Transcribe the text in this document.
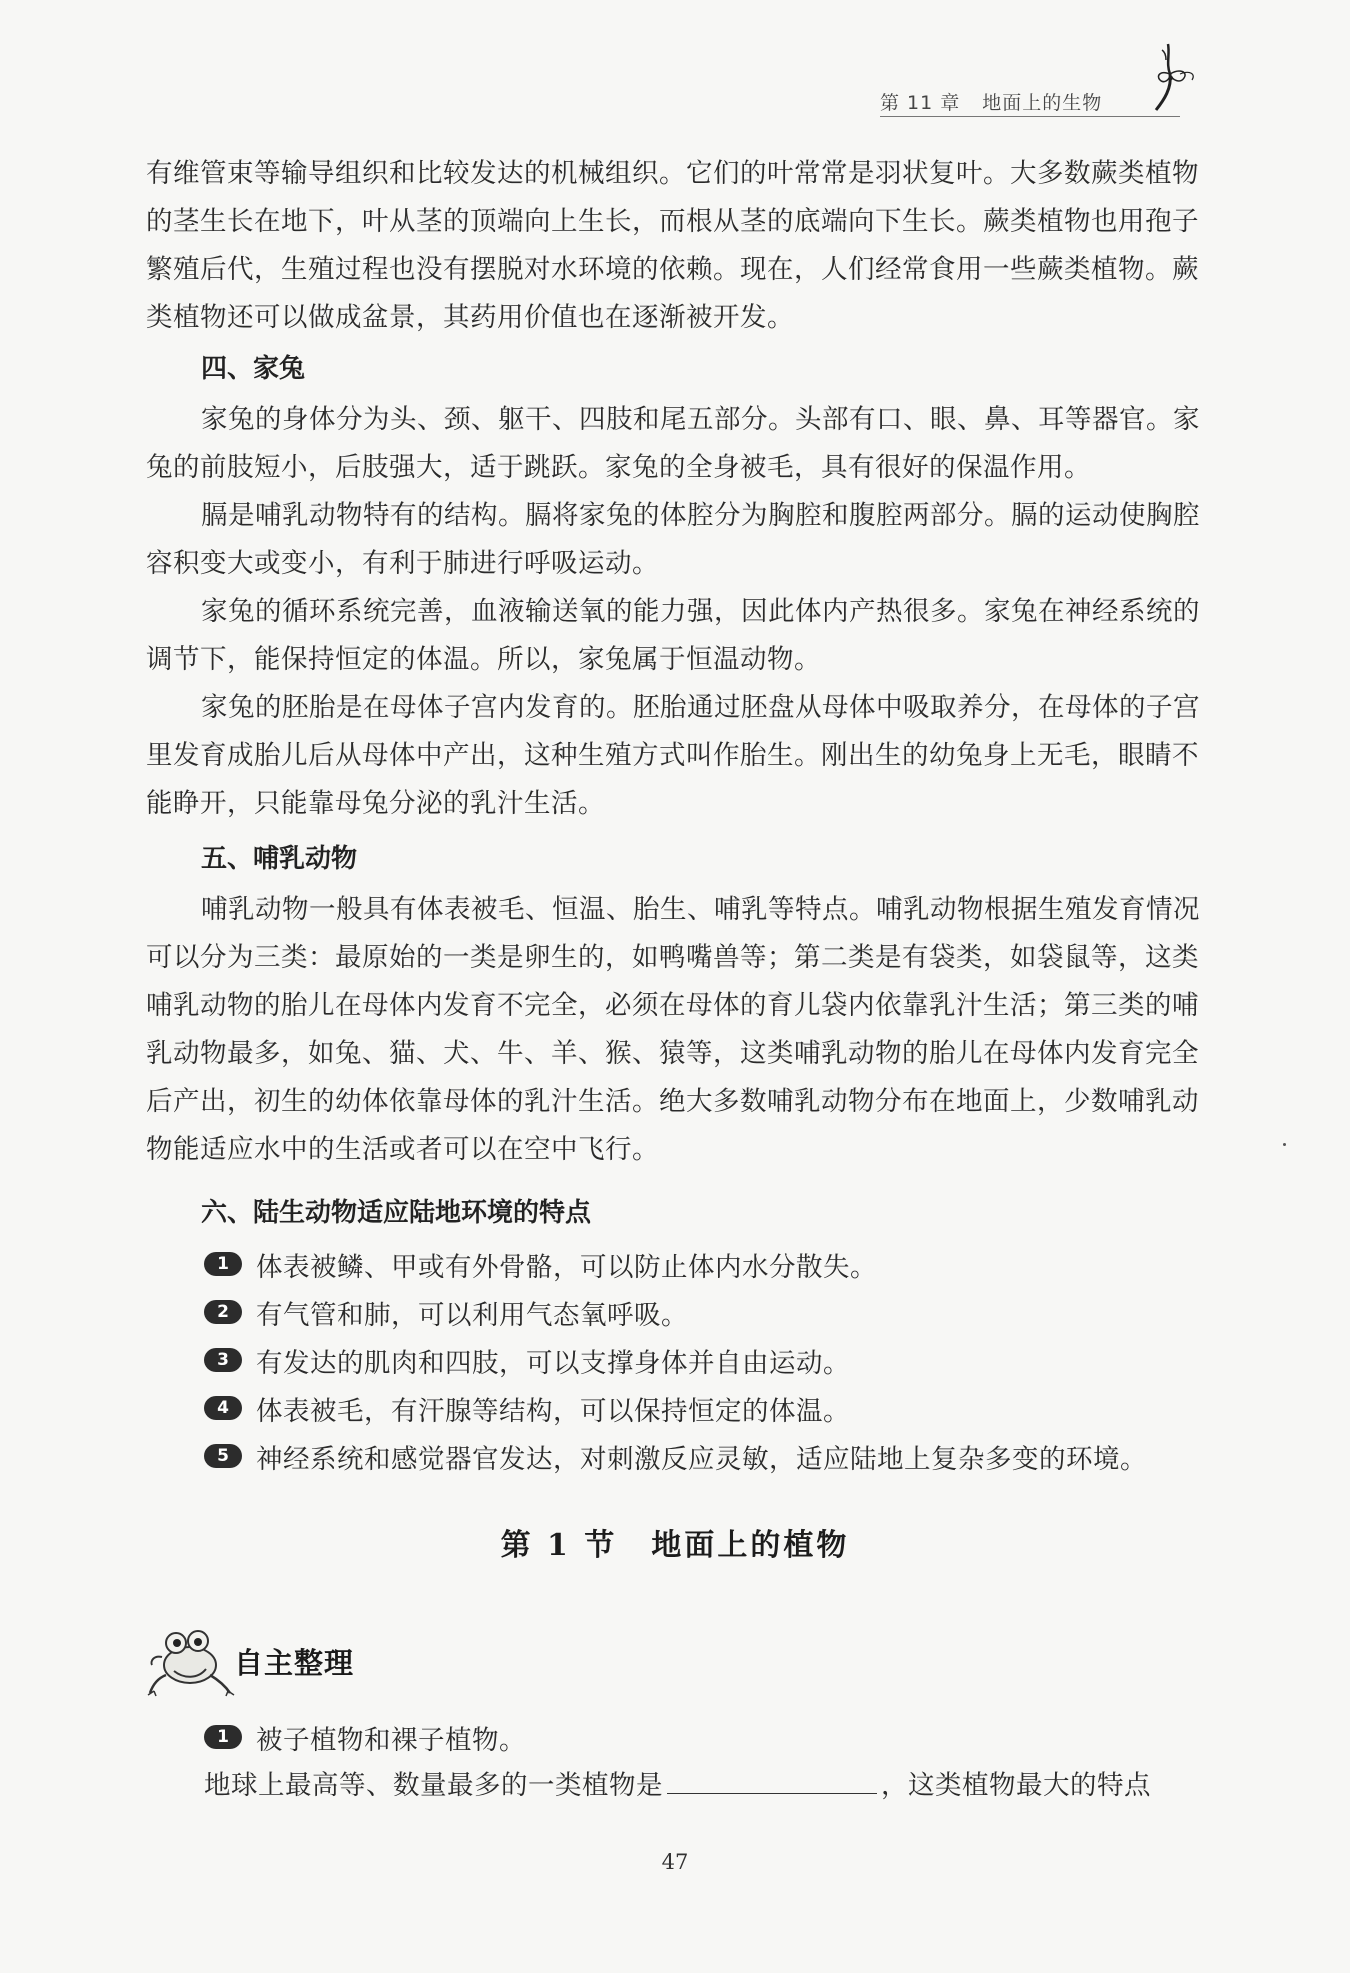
第 11 章 地面上的生物

有维管束等输导组织和比较发达的机械组织。它们的叶常常是羽状复叶。大多数蕨类植物的茎生长在地下，叶从茎的顶端向上生长，而根从茎的底端向下生长。蕨类植物也用孢子繁殖后代，生殖过程也没有摆脱对水环境的依赖。现在，人们经常食用一些蕨类植物。蕨类植物还可以做成盆景，其药用价值也在逐渐被开发。

四、家兔

家兔的身体分为头、颈、躯干、四肢和尾五部分。头部有口、眼、鼻、耳等器官。家兔的前肢短小，后肢强大，适于跳跃。家兔的全身被毛，具有很好的保温作用。

膈是哺乳动物特有的结构。膈将家兔的体腔分为胸腔和腹腔两部分。膈的运动使胸腔容积变大或变小，有利于肺进行呼吸运动。

家兔的循环系统完善，血液输送氧的能力强，因此体内产热很多。家兔在神经系统的调节下，能保持恒定的体温。所以，家兔属于恒温动物。

家兔的胚胎是在母体子宫内发育的。胚胎通过胚盘从母体中吸取养分，在母体的子宫里发育成胎儿后从母体中产出，这种生殖方式叫作胎生。刚出生的幼兔身上无毛，眼睛不能睁开，只能靠母兔分泌的乳汁生活。

五、哺乳动物

哺乳动物一般具有体表被毛、恒温、胎生、哺乳等特点。哺乳动物根据生殖发育情况可以分为三类：最原始的一类是卵生的，如鸭嘴兽等；第二类是有袋类，如袋鼠等，这类哺乳动物的胎儿在母体内发育不完全，必须在母体的育儿袋内依靠乳汁生活；第三类的哺乳动物最多，如兔、猫、犬、牛、羊、猴、猿等，这类哺乳动物的胎儿在母体内发育完全后产出，初生的幼体依靠母体的乳汁生活。绝大多数哺乳动物分布在地面上，少数哺乳动物能适应水中的生活或者可以在空中飞行。

六、陆生动物适应陆地环境的特点
1	体表被鳞、甲或有外骨骼，可以防止体内水分散失。
2	有气管和肺，可以利用气态氧呼吸。
3	有发达的肌肉和四肢，可以支撑身体并自由运动。
4	体表被毛，有汗腺等结构，可以保持恒定的体温。
5	神经系统和感觉器官发达，对刺激反应灵敏，适应陆地上复杂多变的环境。
第 1 节 地面上的植物
自主整理
1	被子植物和裸子植物。
地球上最高等、数量最多的一类植物是	，这类植物最大的特点
47
